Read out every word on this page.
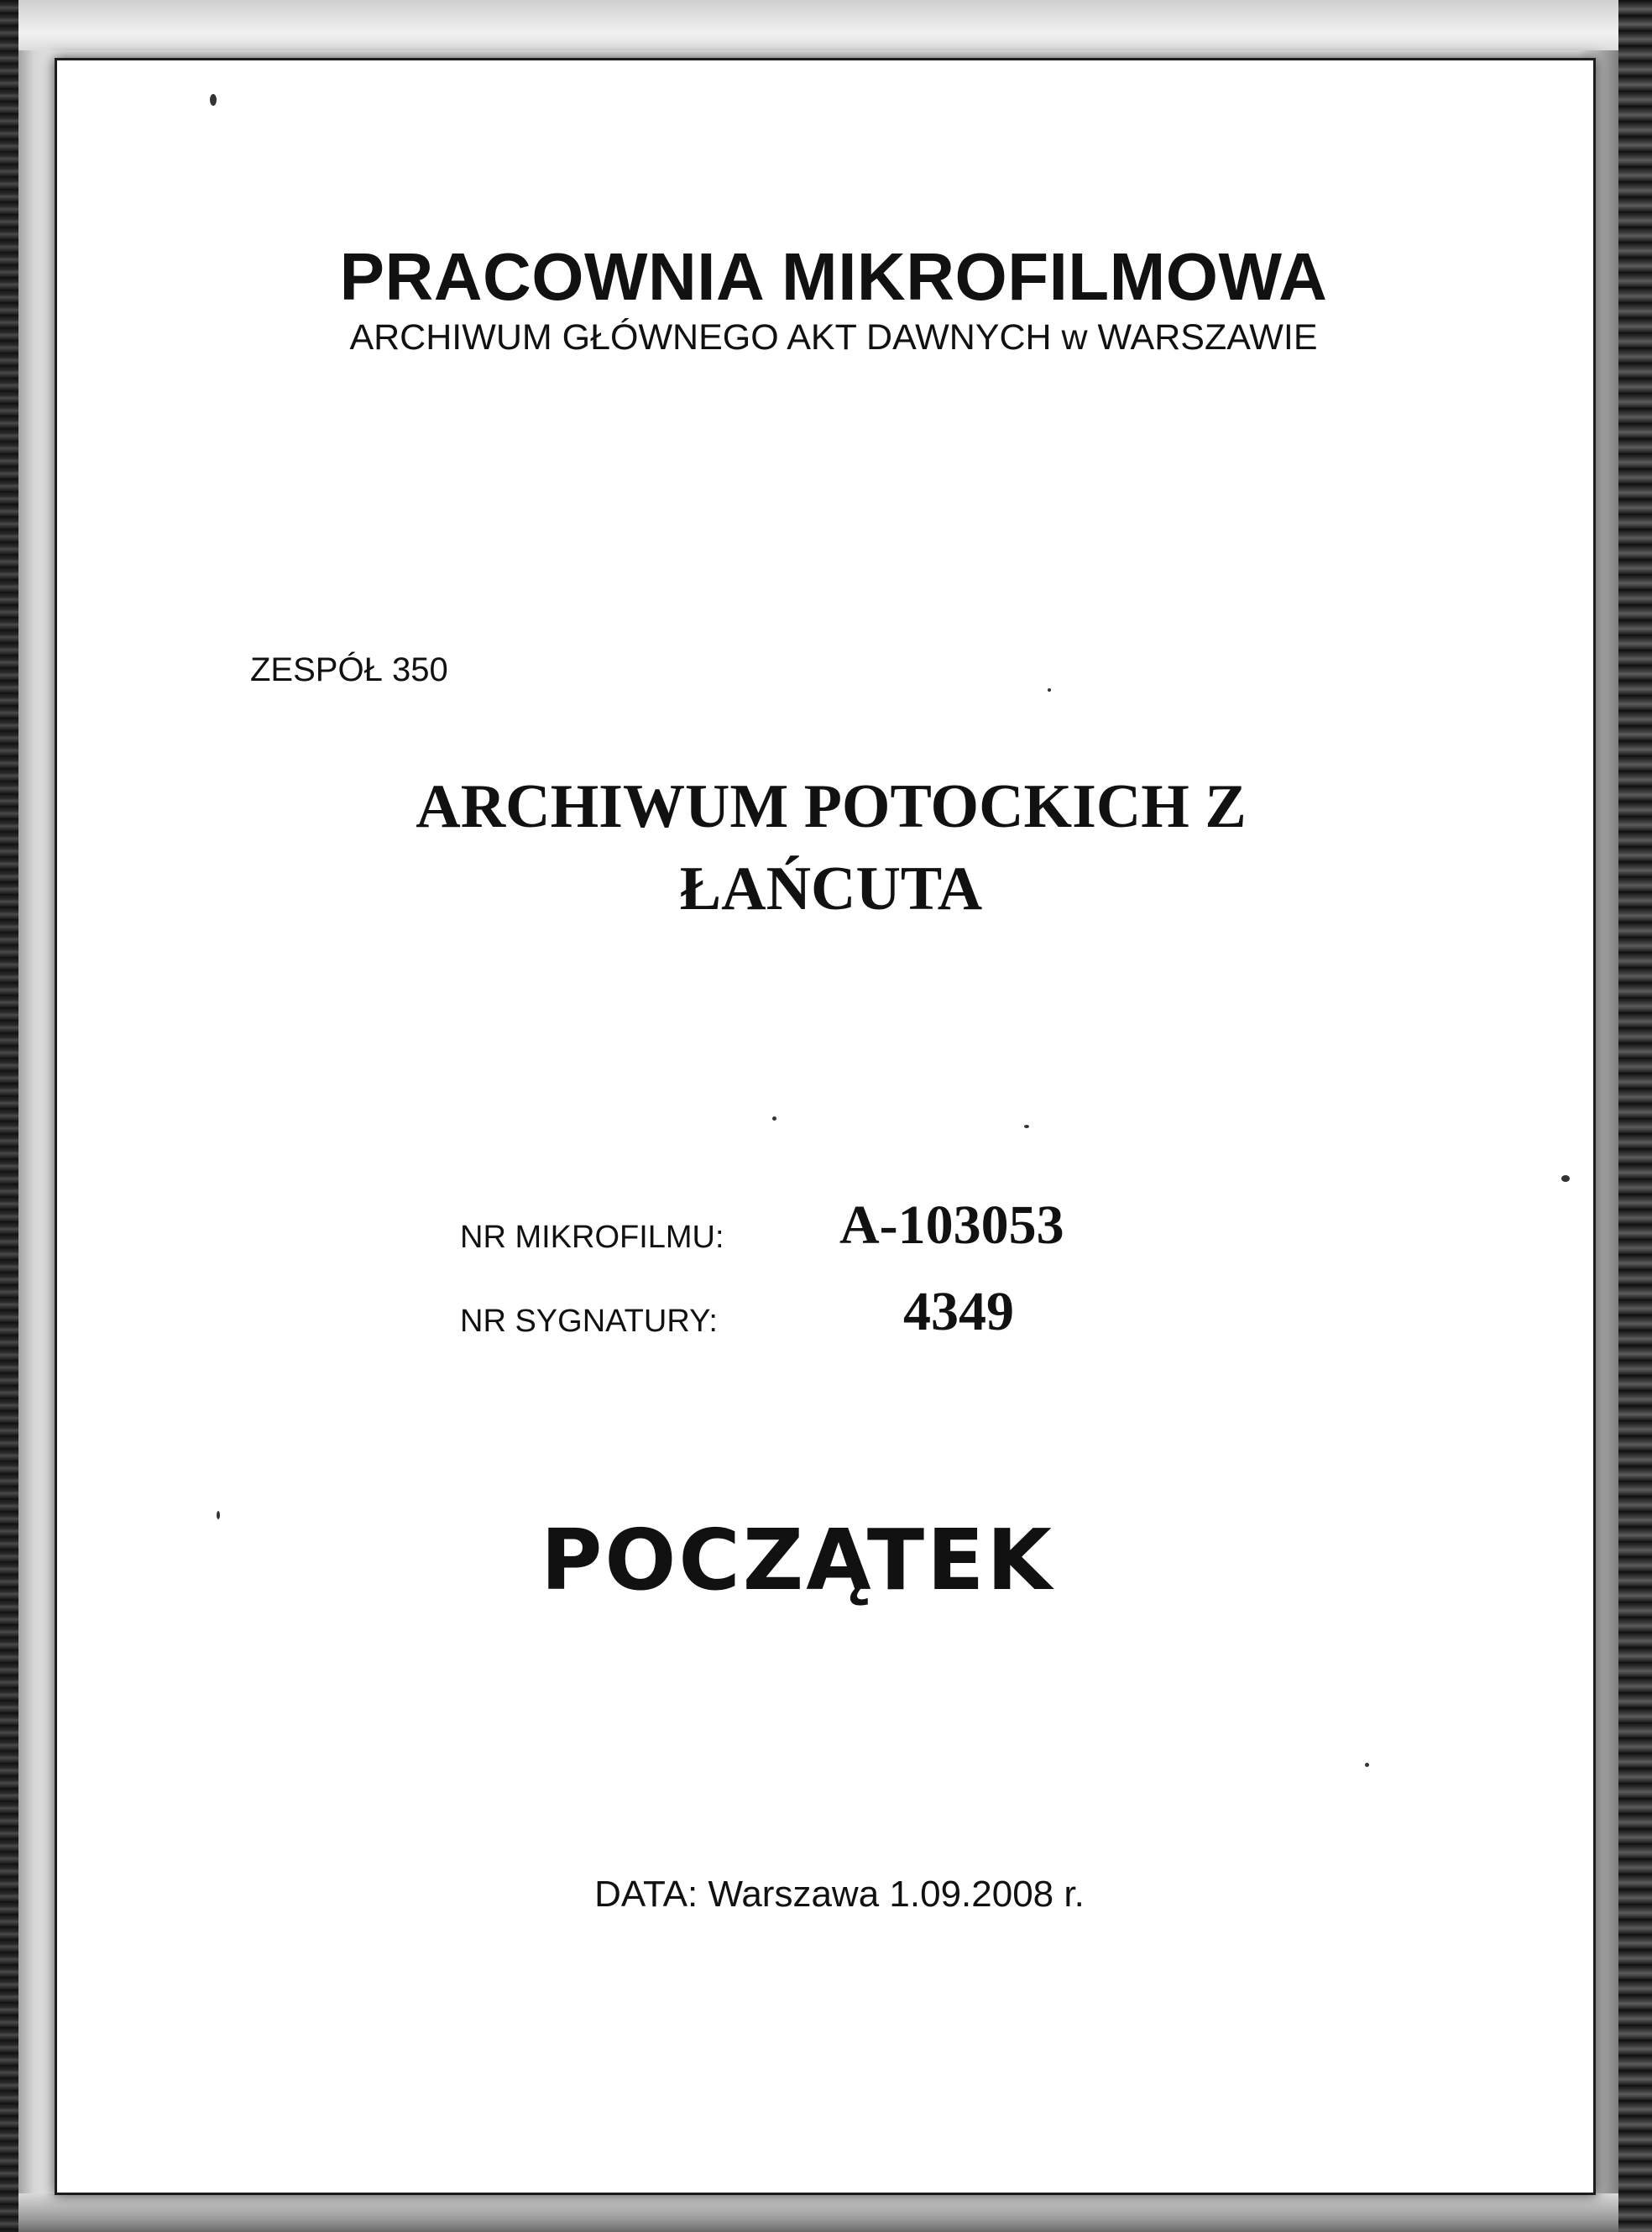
PRACOWNIA MIKROFILMOWA
ARCHIWUM GŁÓWNEGO AKT DAWNYCH w WARSZAWIE
ZESPÓŁ 350
ARCHIWUM POTOCKICH Z ŁAŃCUTA
NR MIKROFILMU: A-103053
NR SYGNATURY:	4349
POCZĄTEK
DATA: Warszawa 1.09.2008 r.
